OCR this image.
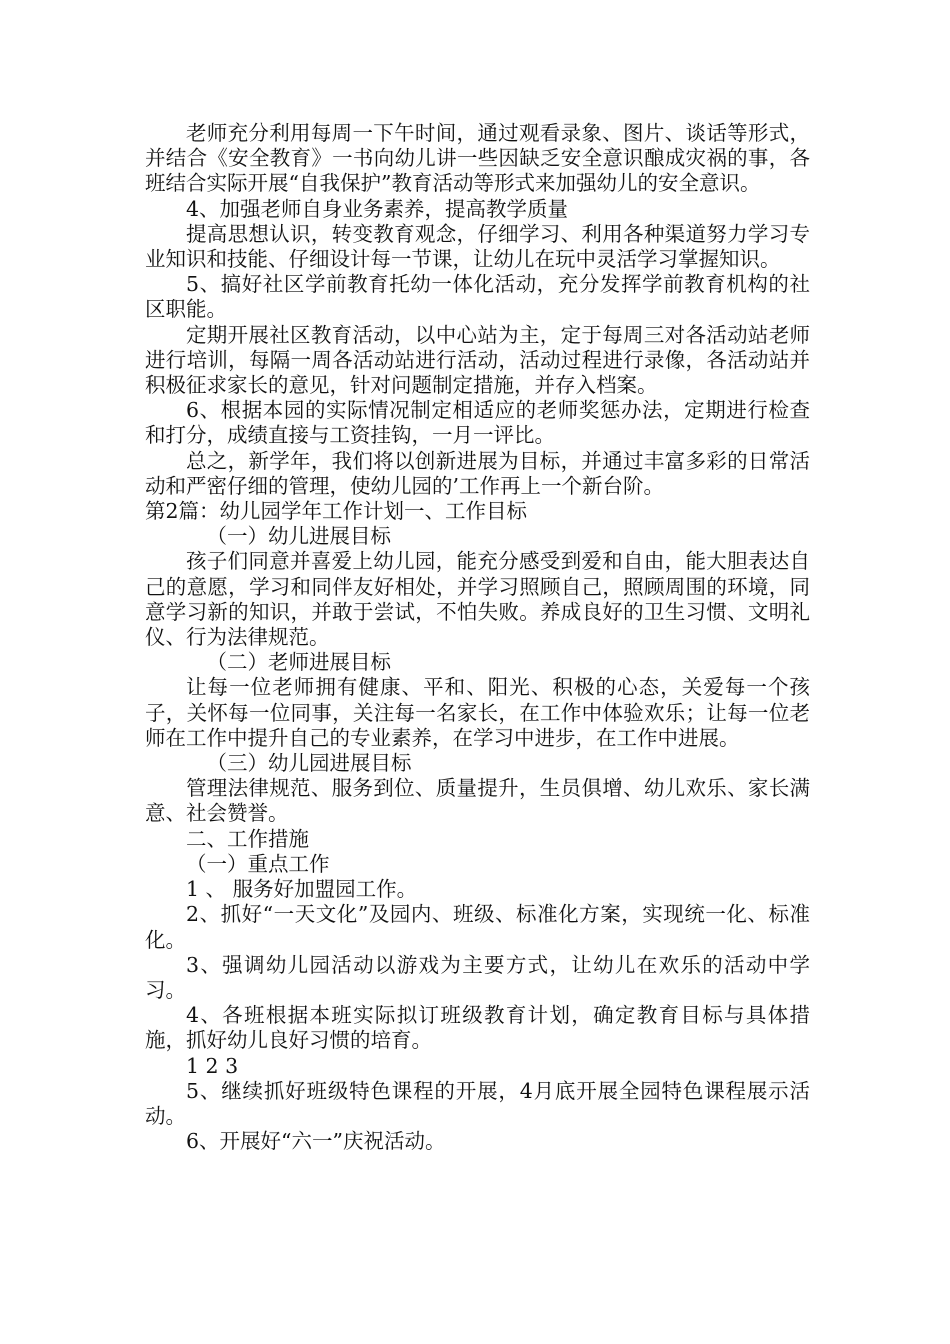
老师充分利用每周一下午时间，通过观看录象、图片、谈话等形式，并结合《安全教育》一书向幼儿讲一些因缺乏安全意识酿成灾祸的事，各班结合实际开展“自我保护”教育活动等形式来加强幼儿的安全意识。

4、加强老师自身业务素养，提高教学质量

提高思想认识，转变教育观念，仔细学习、利用各种渠道努力学习专业知识和技能、仔细设计每一节课，让幼儿在玩中灵活学习掌握知识。

5、搞好社区学前教育托幼一体化活动，充分发挥学前教育机构的社区职能。

定期开展社区教育活动，以中心站为主，定于每周三对各活动站老师进行培训，每隔一周各活动站进行活动，活动过程进行录像，各活动站并积极征求家长的意见，针对问题制定措施，并存入档案。

6、根据本园的实际情况制定相适应的老师奖惩办法，定期进行检查和打分，成绩直接与工资挂钩，一月一评比。

总之，新学年，我们将以创新进展为目标，并通过丰富多彩的日常活动和严密仔细的管理，使幼儿园的’工作再上一个新台阶。

第2篇：幼儿园学年工作计划一、工作目标

（一）幼儿进展目标

孩子们同意并喜爱上幼儿园，能充分感受到爱和自由，能大胆表达自己的意愿，学习和同伴友好相处，并学习照顾自己，照顾周围的环境，同意学习新的知识，并敢于尝试，不怕失败。养成良好的卫生习惯、文明礼仪、行为法律规范。

（二）老师进展目标

让每一位老师拥有健康、平和、阳光、积极的心态，关爱每一个孩子，关怀每一位同事，关注每一名家长，在工作中体验欢乐；让每一位老师在工作中提升自己的专业素养，在学习中进步，在工作中进展。

（三）幼儿园进展目标

管理法律规范、服务到位、质量提升，生员俱增、幼儿欢乐、家长满意、社会赞誉。

二、工作措施

（一）重点工作

1 、 服务好加盟园工作。

2、抓好“一天文化”及园内、班级、标准化方案，实现统一化、标准化。

3、强调幼儿园活动以游戏为主要方式，让幼儿在欢乐的活动中学习。

4、各班根据本班实际拟订班级教育计划，确定教育目标与具体措施，抓好幼儿良好习惯的培育。

1 2 3

5、继续抓好班级特色课程的开展，4月底开展全园特色课程展示活动。

6、开展好“六一”庆祝活动。
